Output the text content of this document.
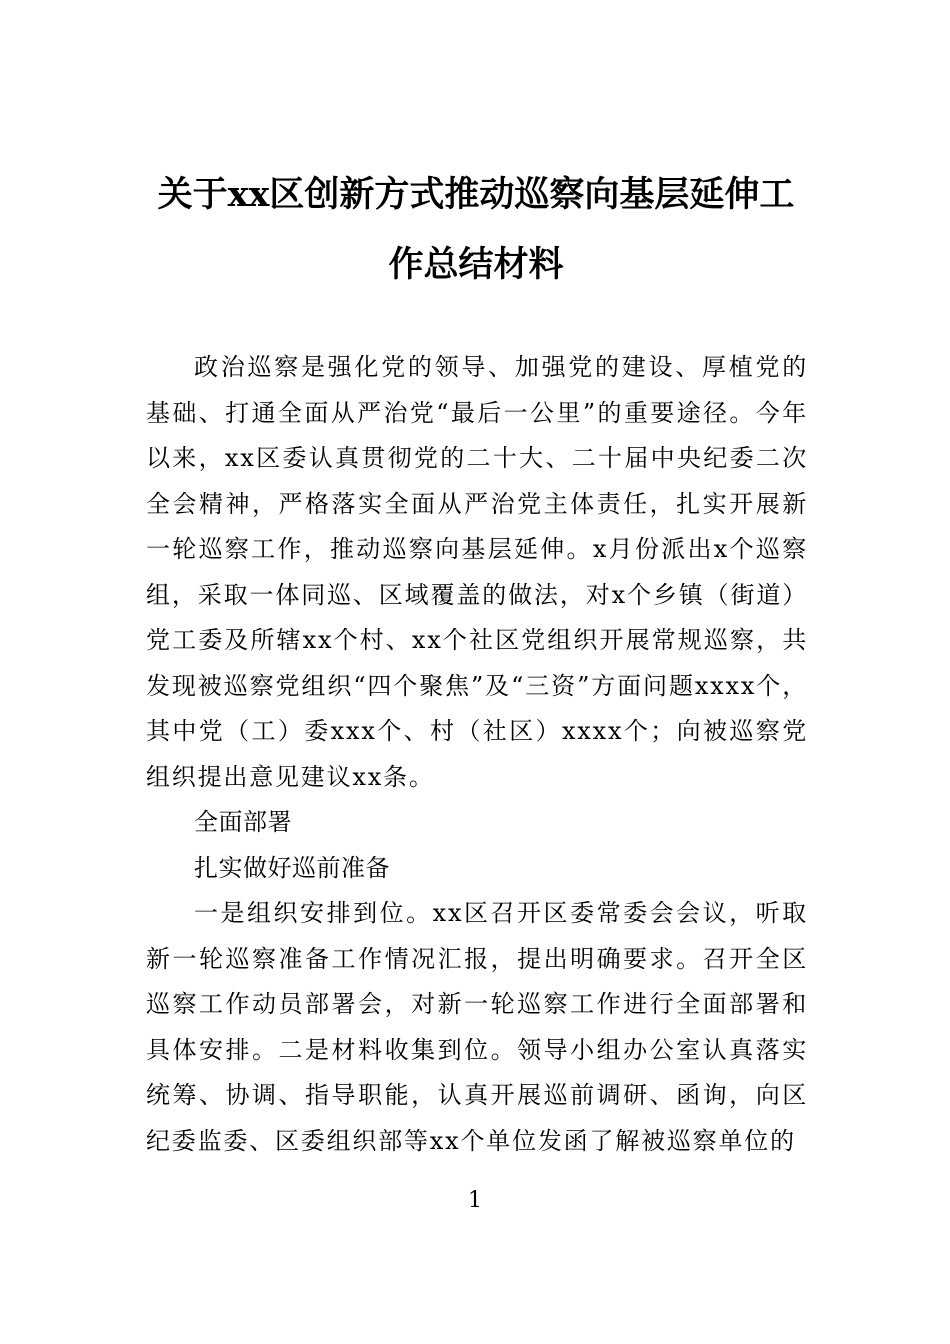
关于xx区创新方式推动巡察向基层延伸工作总结材料

政治巡察是强化党的领导、加强党的建设、厚植党的基础、打通全面从严治党“最后一公里”的重要途径。今年以来，xx区委认真贯彻党的二十大、二十届中央纪委二次全会精神，严格落实全面从严治党主体责任，扎实开展新一轮巡察工作，推动巡察向基层延伸。x月份派出x个巡察组，采取一体同巡、区域覆盖的做法，对x个乡镇（街道）党工委及所辖xx个村、xx个社区党组织开展常规巡察，共发现被巡察党组织“四个聚焦”及“三资”方面问题xxxx个，其中党（工）委xxx个、村（社区）xxxx个；向被巡察党组织提出意见建议xx条。

全面部署

扎实做好巡前准备

一是组织安排到位。xx区召开区委常委会会议，听取新一轮巡察准备工作情况汇报，提出明确要求。召开全区巡察工作动员部署会，对新一轮巡察工作进行全面部署和具体安排。二是材料收集到位。领导小组办公室认真落实统筹、协调、指导职能，认真开展巡前调研、函询，向区纪委监委、区委组织部等xx个单位发函了解被巡察单位的

1
